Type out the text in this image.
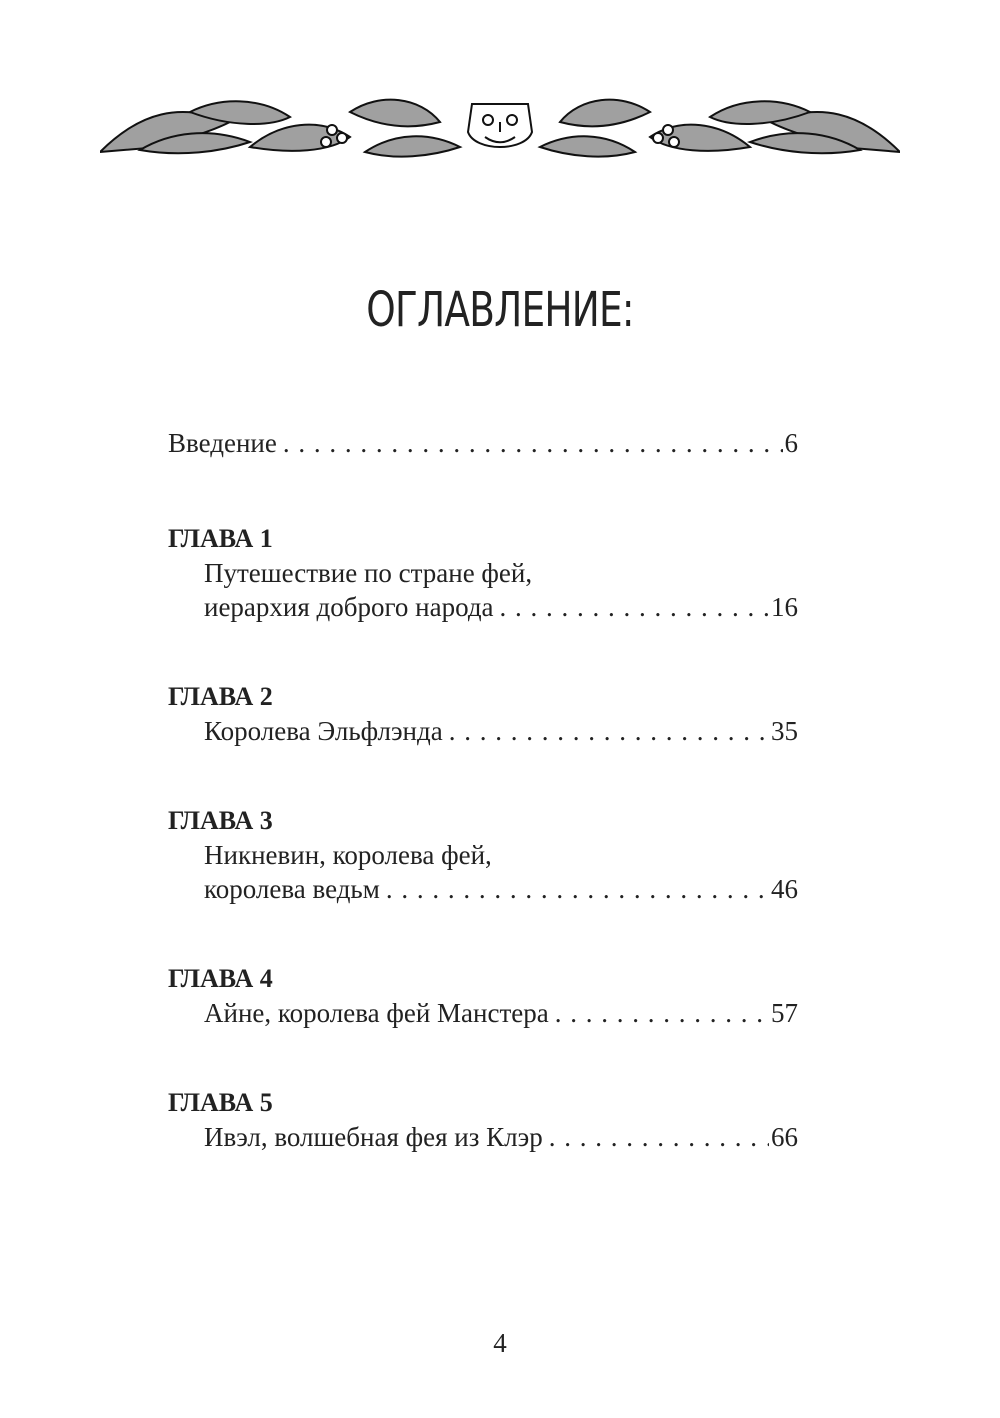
ОГЛАВЛЕНИЕ:
Введение . . .	6
ГЛАВА 1
Путешествие по стране фей,
иерархия доброго народа . . .	16
ГЛАВА 2
Королева Эльфлэнда . . .	35
ГЛАВА 3
Никневин, королева фей,
королева ведьм . . .	46
ГЛАВА 4
Айне, королева фей Манстера . . .	57
ГЛАВА 5
Ивэл, волшебная фея из Клэр . . .	66
4
